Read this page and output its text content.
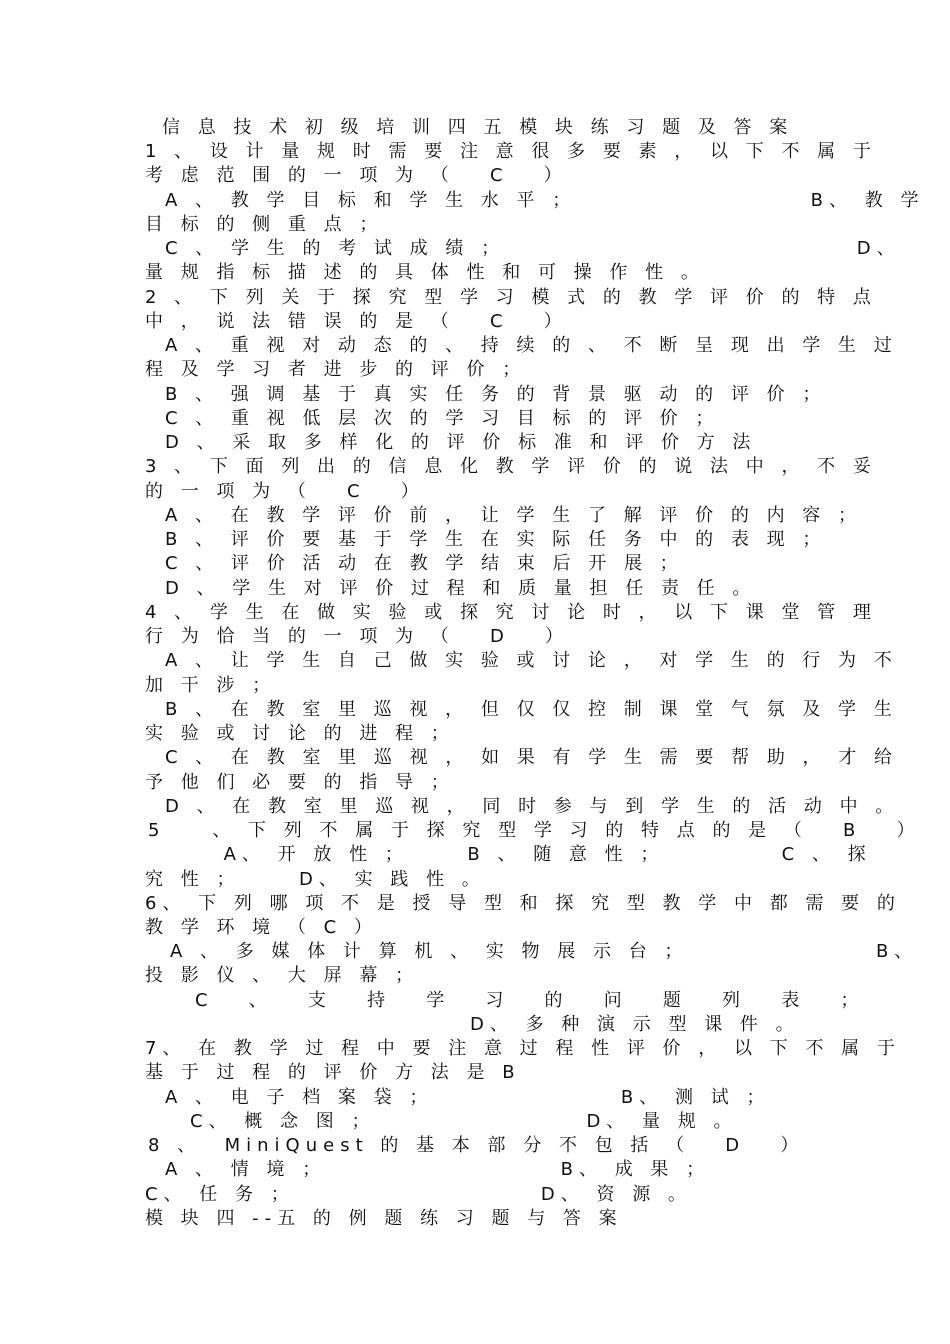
信 息 技 术 初 级 培 训 四 五 模 块 练 习 题 及 答 案
1 、 设 计 量 规 时 需 要 注 意 很 多 要 素 ， 以 下 不 属 于
考 虑 范 围 的 一 项 为 （   C   ）
A 、 教 学 目 标 和 学 生 水 平 ；                    B、 教 学
目 标 的 侧 重 点 ；
C 、 学 生 的 考 试 成 绩 ；                              D、
量 规 指 标 描 述 的 具 体 性 和 可 操 作 性 。
2 、 下 列 关 于 探 究 型 学 习 模 式 的 教 学 评 价 的 特 点
中 ， 说 法 错 误 的 是 （   C   ）
A 、 重 视 对 动 态 的 、 持 续 的 、 不 断 呈 现 出 学 生 过
程 及 学 习 者 进 步 的 评 价 ；
B 、 强 调 基 于 真 实 任 务 的 背 景 驱 动 的 评 价 ；
C 、 重 视 低 层 次 的 学 习 目 标 的 评 价 ；
D 、 采 取 多 样 化 的 评 价 标 准 和 评 价 方 法
3 、 下 面 列 出 的 信 息 化 教 学 评 价 的 说 法 中 ， 不 妥
的 一 项 为 （   C   ）
A 、 在 教 学 评 价 前 ， 让 学 生 了 解 评 价 的 内 容 ；
B 、 评 价 要 基 于 学 生 在 实 际 任 务 中 的 表 现 ；
C 、 评 价 活 动 在 教 学 结 束 后 开 展 ；
D 、 学 生 对 评 价 过 程 和 质 量 担 任 责 任 。
4 、 学 生 在 做 实 验 或 探 究 讨 论 时 ， 以 下 课 堂 管 理
行 为 恰 当 的 一 项 为 （   D   ）
A 、 让 学 生 自 己 做 实 验 或 讨 论 ， 对 学 生 的 行 为 不
加 干 涉 ；
B 、 在 教 室 里 巡 视 ， 但 仅 仅 控 制 课 堂 气 氛 及 学 生
实 验 或 讨 论 的 进 程 ；
C 、 在 教 室 里 巡 视 ， 如 果 有 学 生 需 要 帮 助 ， 才 给
予 他 们 必 要 的 指 导 ；
D 、 在 教 室 里 巡 视 ， 同 时 参 与 到 学 生 的 活 动 中 。
5    、 下 列 不 属 于 探 究 型 学 习 的 特 点 的 是 （   B   ）
A、 开 放 性 ；     B 、 随 意 性 ；          C 、 探
究 性 ；     D、 实 践 性 。
6、 下 列 哪 项 不 是 授 导 型 和 探 究 型 教 学 中 都 需 要 的
教 学 环 境 （ C ）
A 、 多 媒 体 计 算 机 、 实 物 展 示 台 ；                B、
投 影 仪 、 大 屏 幕 ；
C   、   支   持   学   习   的   问   题   列   表   ；
D、 多 种 演 示 型 课 件 。
7、 在 教 学 过 程 中 要 注 意 过 程 性 评 价 ， 以 下 不 属 于
基 于 过 程 的 评 价 方 法 是 B
A 、 电 子 档 案 袋 ；                B、 测 试 ；
C、 概 念 图 ；                  D、 量 规 。
8 、  MiniQuest 的 基 本 部 分 不 包 括 （   D   ）
A 、 情 境 ；                    B、 成 果 ；
C、 任 务 ；                     D、 资 源 。
模 块 四 --五 的 例 题 练 习 题 与 答 案
